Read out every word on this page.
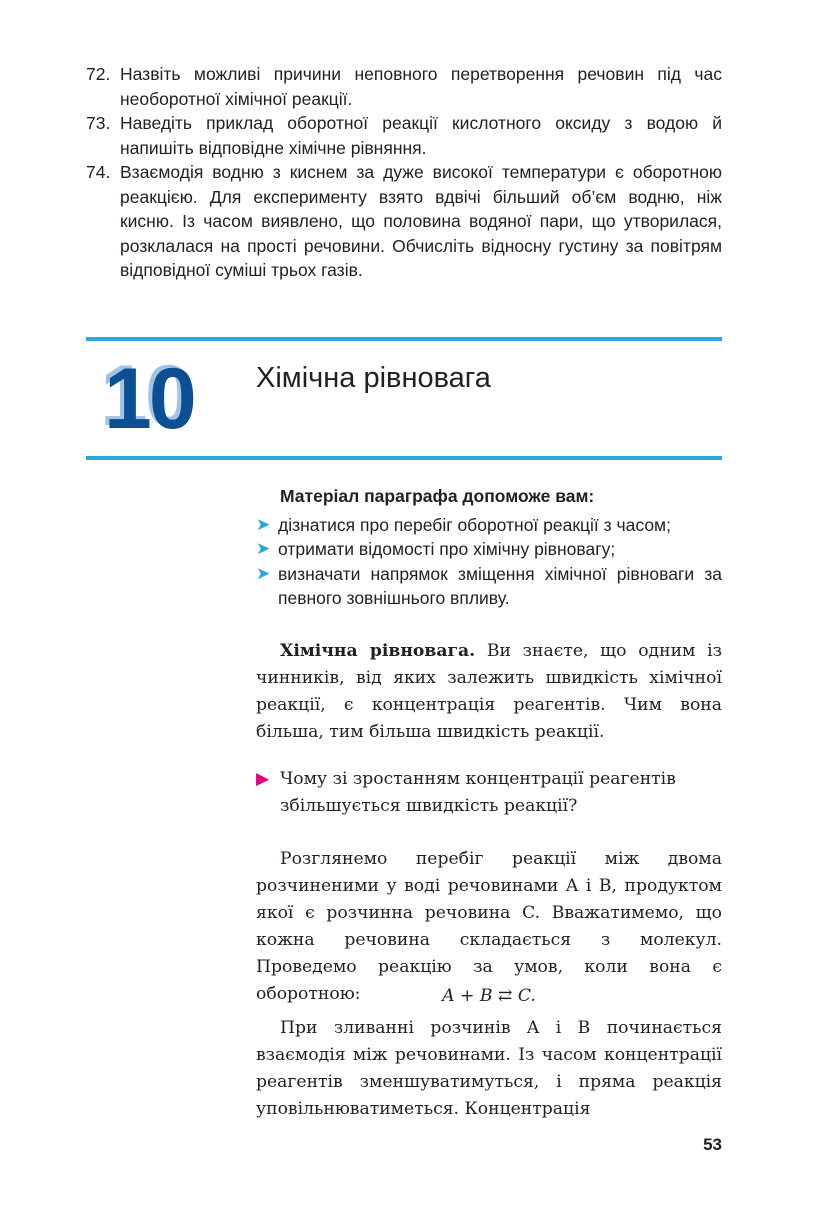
72. Назвіть можливі причини неповного перетворення речовин під час необоротної хімічної реакції.
73. Наведіть приклад оборотної реакції кислотного оксиду з водою й напишіть відповідне хімічне рівняння.
74. Взаємодія водню з киснем за дуже високої температури є оборотною реакцією. Для експерименту взято вдвічі більший об’єм водню, ніж кисню. Із часом виявлено, що половина водяної пари, що утворилася, розклалася на прості речовини. Обчисліть відносну густину за повітрям відповідної суміші трьох газів.
10 Хімічна рівновага
Матеріал параграфа допоможе вам:
➤ дізнатися про перебіг оборотної реакції з часом;
➤ отримати відомості про хімічну рівновагу;
➤ визначати напрямок зміщення хімічної рівноваги за певного зовнішнього впливу.
Хімічна рівновага. Ви знаєте, що одним із чинників, від яких залежить швидкість хімічної реакції, є концентрація реагентів. Чим вона більша, тим більша швидкість реакції.
▶ Чому зі зростанням концентрації реагентів збільшується швидкість реакції?
Розглянемо перебіг реакції між двома розчиненими у воді речовинами A і B, продуктом якої є розчинна речовина C. Вважатимемо, що кожна речовина складається з молекул. Проведемо реакцію за умов, коли вона є оборотною:	A + B ⇄ C.
При зливанні розчинів A і B починається взаємодія між речовинами. Із часом концентрації реагентів зменшуватимуться, і пряма реакція уповільнюватиметься. Концентрація
53
